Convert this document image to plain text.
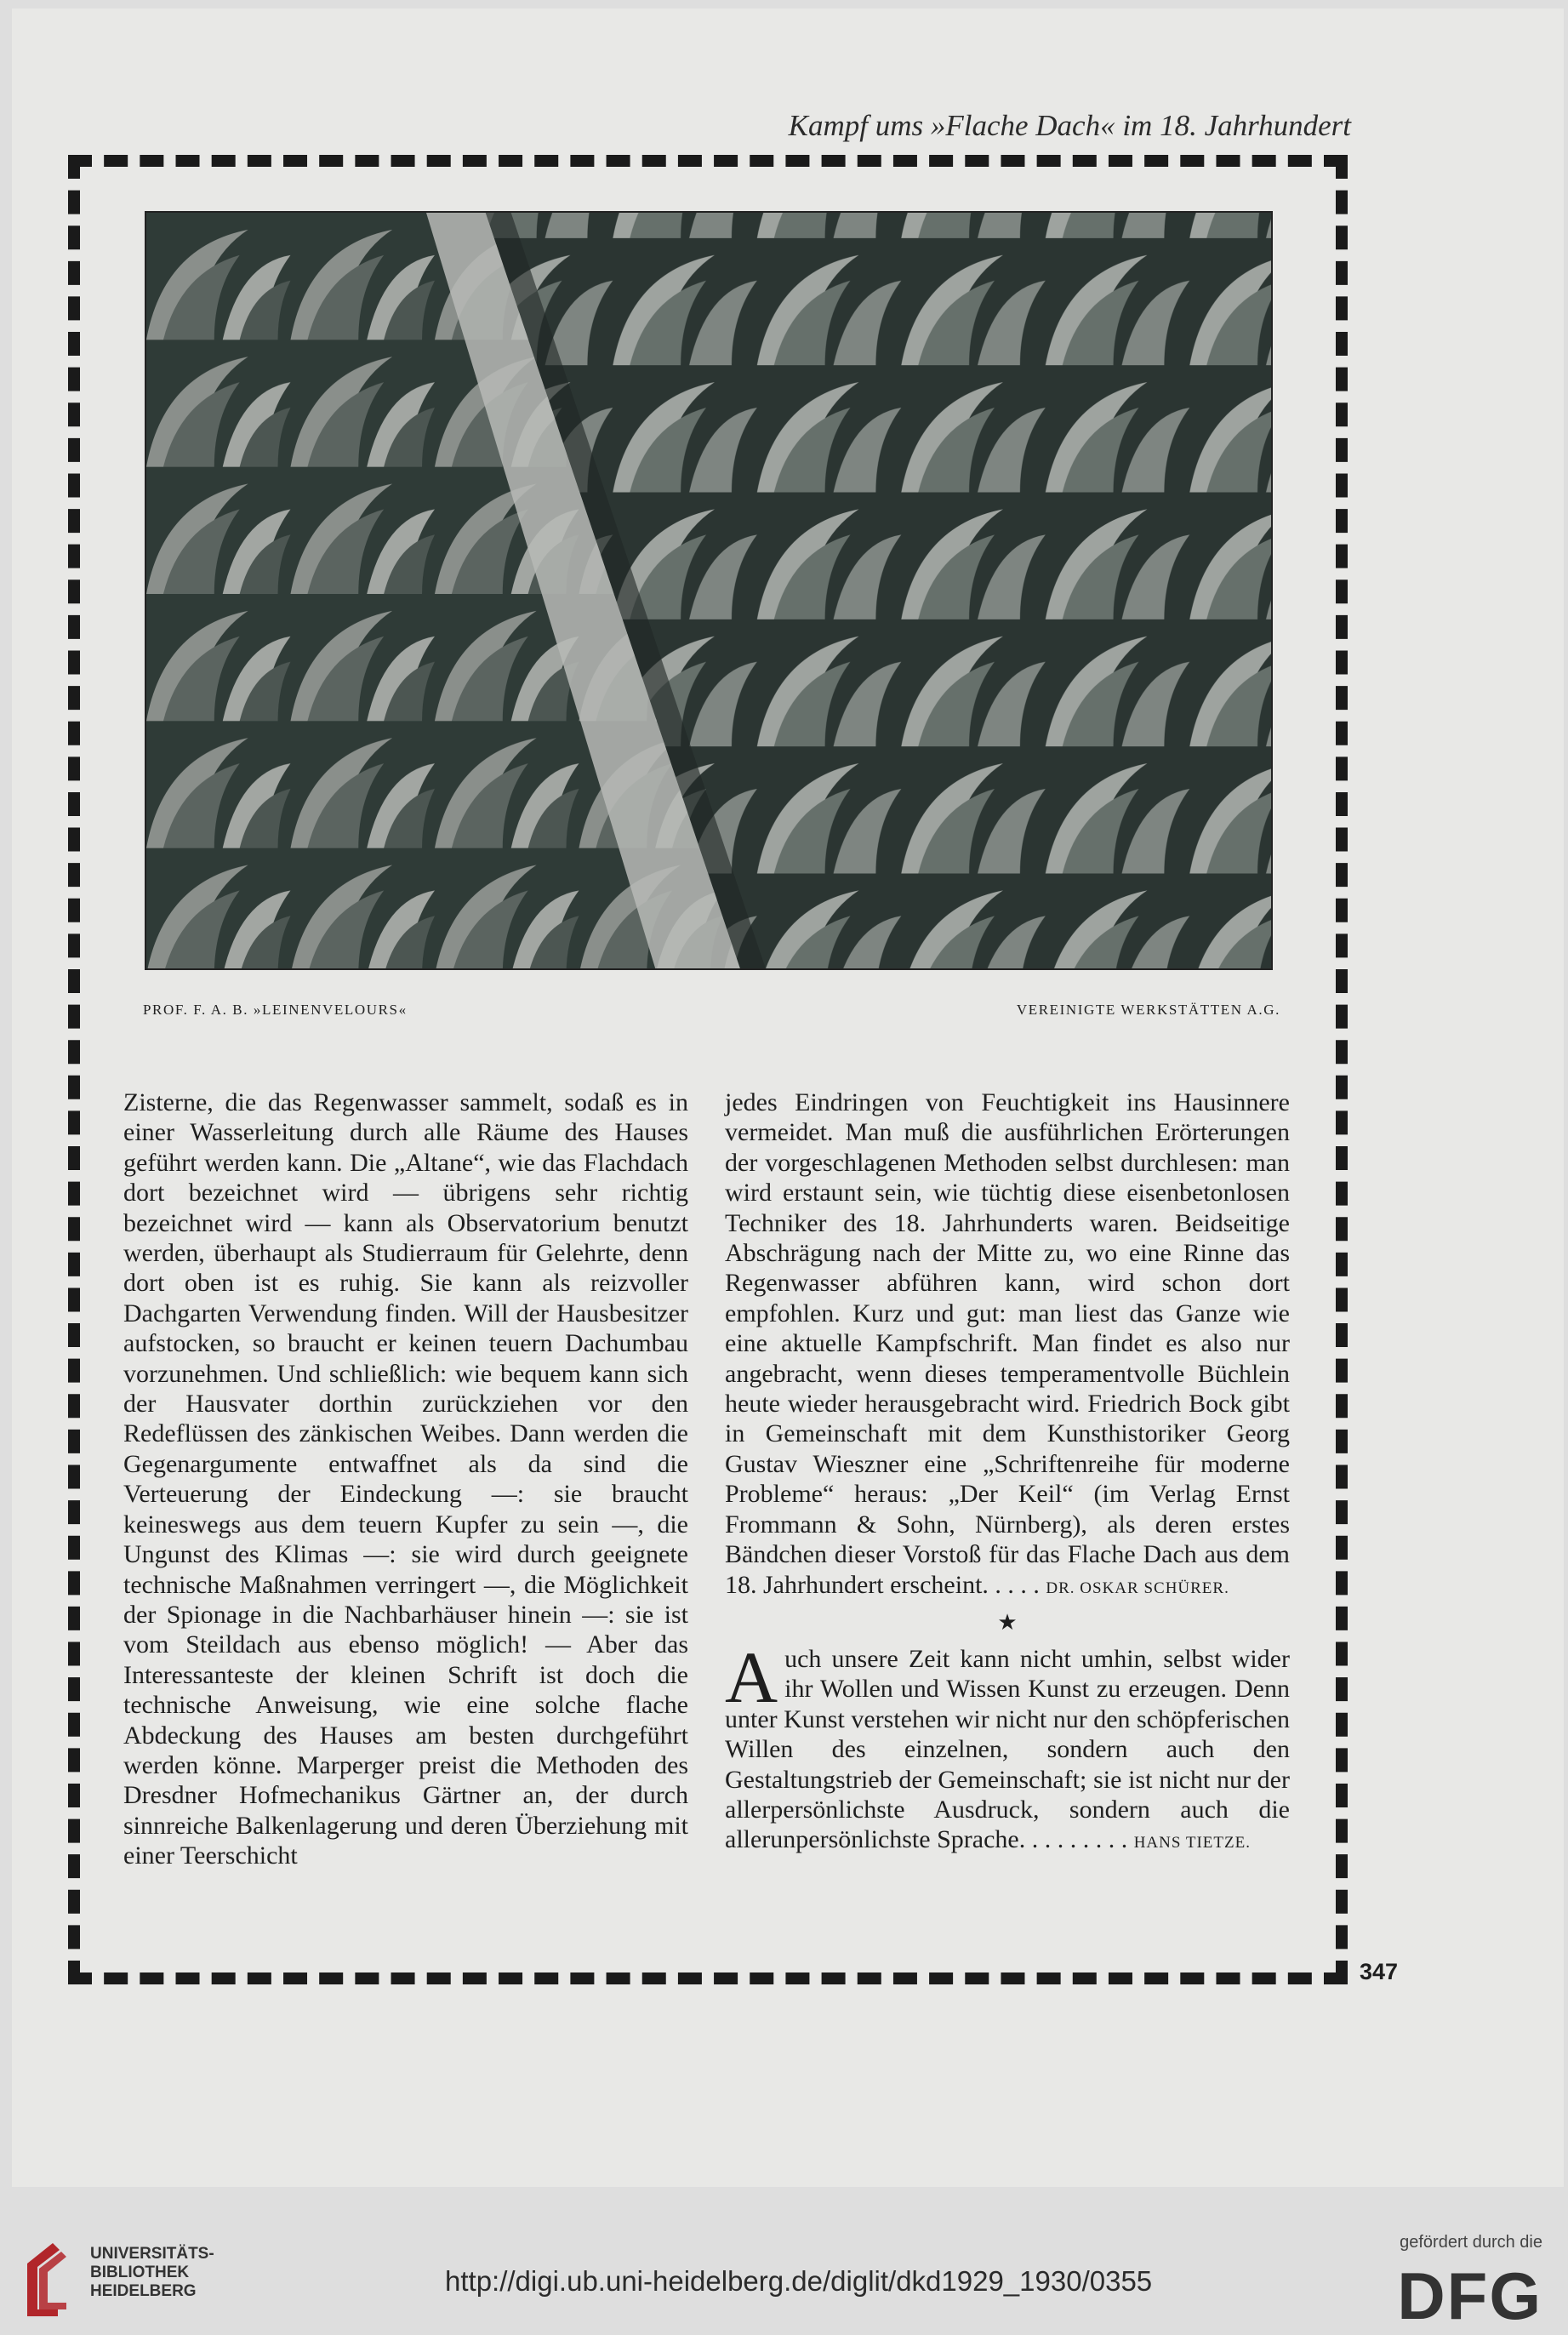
Kampf ums »Flache Dach« im 18. Jahrhundert
PROF. F. A. B. »LEINENVELOURS«	VEREINIGTE WERKSTÄTTEN A.G.

Zisterne, die das Regenwasser sammelt, sodaß es in einer Wasserleitung durch alle Räume des Hauses geführt werden kann. Die „Altane“, wie das Flachdach dort bezeichnet wird — übrigens sehr richtig bezeichnet wird — kann als Observatorium benutzt werden, überhaupt als Studierraum für Gelehrte, denn dort oben ist es ruhig. Sie kann als reizvoller Dachgarten Verwendung finden. Will der Hausbesitzer aufstocken, so braucht er keinen teuern Dachumbau vorzunehmen. Und schließlich: wie bequem kann sich der Hausvater dorthin zurückziehen vor den Redeflüssen des zänkischen Weibes. Dann werden die Gegenargumente entwaffnet als da sind die Verteuerung der Eindeckung —: sie braucht keineswegs aus dem teuern Kupfer zu sein —, die Ungunst des Klimas —: sie wird durch geeignete technische Maßnahmen verringert —, die Möglichkeit der Spionage in die Nachbarhäuser hinein —: sie ist vom Steildach aus ebenso möglich! — Aber das Interessanteste der kleinen Schrift ist doch die technische Anweisung, wie eine solche flache Abdeckung des Hauses am besten durchgeführt werden könne. Marperger preist die Methoden des Dresdner Hofmechanikus Gärtner an, der durch sinnreiche Balkenlagerung und deren Überziehung mit einer Teerschicht

jedes Eindringen von Feuchtigkeit ins Hausinnere vermeidet. Man muß die ausführlichen Erörterungen der vorgeschlagenen Methoden selbst durchlesen: man wird erstaunt sein, wie tüchtig diese eisenbetonlosen Techniker des 18. Jahrhunderts waren. Beidseitige Abschrägung nach der Mitte zu, wo eine Rinne das Regenwasser abführen kann, wird schon dort empfohlen. Kurz und gut: man liest das Ganze wie eine aktuelle Kampfschrift. Man findet es also nur angebracht, wenn dieses temperamentvolle Büchlein heute wieder herausgebracht wird. Friedrich Bock gibt in Gemeinschaft mit dem Kunsthistoriker Georg Gustav Wieszner eine „Schriftenreihe für moderne Probleme“ heraus: „Der Keil“ (im Verlag Ernst Frommann & Sohn, Nürnberg), als deren erstes Bändchen dieser Vorstoß für das Flache Dach aus dem 18. Jahrhundert erscheint. . . . . DR. OSKAR SCHÜRER.

★

Auch unsere Zeit kann nicht umhin, selbst wider ihr Wollen und Wissen Kunst zu erzeugen. Denn unter Kunst verstehen wir nicht nur den schöpferischen Willen des einzelnen, sondern auch den Gestaltungstrieb der Gemeinschaft; sie ist nicht nur der allerpersönlichste Ausdruck, sondern auch die allerunpersönlichste Sprache. . . . . . . . . HANS TIETZE.

347
UNIVERSITÄTS-
BIBLIOTHEK
HEIDELBERG	http://digi.ub.uni-heidelberg.de/diglit/dkd1929_1930/0355
gefördert durch die
DFG
